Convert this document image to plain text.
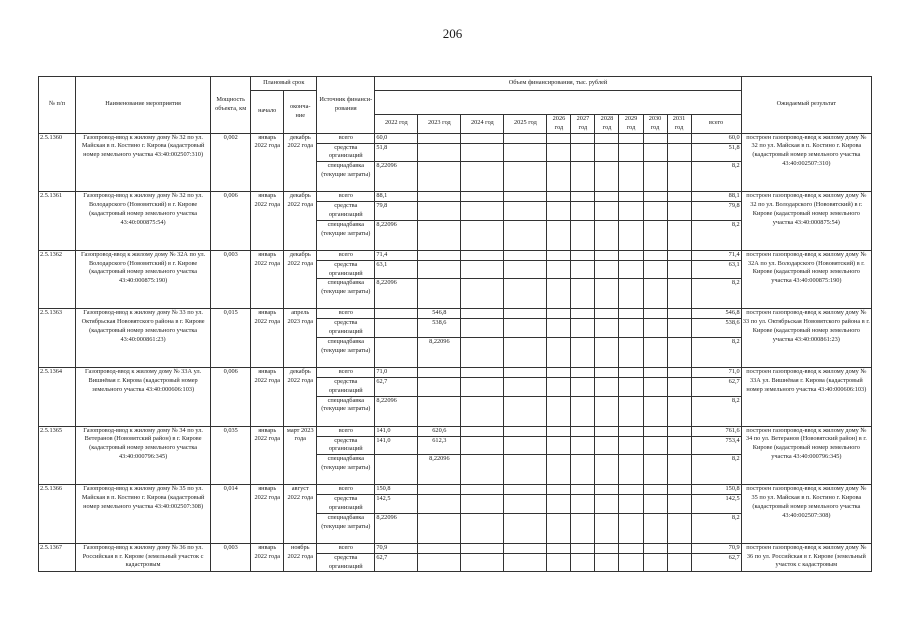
206
№ п/п	Наименование мероприятия	Мощность объекта, км	Плановый срок		Источник финанси- рования	Объем финансирования, тыс. рублей											Ожидаемый результат
			начало	оконча- ние													
						2022 год	2023 год	2024 год	2025 год	2026 год	2027 год	2028 год	2029 год	2030 год	2031 год	всего	
2.5.1360	Газопровод-ввод к жилому дому № 32 по ул. Майская в п. Костино г. Кирова (кадастровый номер земельного участка 43:40:002507:310)	0,002	январь 2022 года	декабрь 2022 года	всего	60,0										60,0	построен газопровод-ввод к жилому дому № 32 по ул. Майская в п. Костино г. Кирова (кадастровый номер земельного участка 43:40:002507:310)
					средства организаций	51,8										51,8	
					спецнадбавка (текущие затраты)	8,22096										8,2	
2.5.1361	Газопровод-ввод к жилому дому № 32 по ул. Володарского (Нововятский) в г. Кирове (кадастровый номер земельного участка 43:40:000875:54)	0,006	январь 2022 года	декабрь 2022 года	всего	88,1										88,1	построен газопровод-ввод к жилому дому № 32 по ул. Володарского (Нововятский) в г. Кирове (кадастровый номер земельного участка 43:40:000875:54)
					средства организаций	79,8										79,8	
					спецнадбавка (текущие затраты)	8,22096										8,2	
2.5.1362	Газопровод-ввод к жилому дому № 32А по ул. Володарского (Нововятский) в г. Кирове (кадастровый номер земельного участка 43:40:000875:190)	0,003	январь 2022 года	декабрь 2022 года	всего	71,4										71,4	построен газопровод-ввод к жилому дому № 32А по ул. Володарского (Нововятский) в г. Кирове (кадастровый номер земельного участка 43:40:000875:190)
					средства организаций	63,1										63,1	
					спецнадбавка (текущие затраты)	8,22096										8,2	
2.5.1363	Газопровод-ввод к жилому дому № 33 по ул. Октябрьская Нововятского района в г. Кирове (кадастровый номер земельного участка 43:40:000861:23)	0,015	январь 2022 года	апрель 2023 года	всего		546,8									546,8	построен газопровод-ввод к жилому дому № 33 по ул. Октябрьская Нововятского района в г. Кирове (кадастровый номер земельного участка 43:40:000861:23)
					средства организаций		538,6									538,6	
					спецнадбавка (текущие затраты)		8,22096									8,2	
2.5.1364	Газопровод-ввод к жилому дому № 33А ул. Вишнёвая г. Кирова (кадастровый номер земельного участка 43:40:000606:103)	0,006	январь 2022 года	декабрь 2022 года	всего	71,0										71,0	построен газопровод-ввод к жилому дому № 33А ул. Вишнёвая г. Кирова (кадастровый номер земельного участка 43:40:000606:103)
					средства организаций	62,7										62,7	
					спецнадбавка (текущие затраты)	8,22096										8,2	
2.5.1365	Газопровод-ввод к жилому дому № 34 по ул. Ветеранов (Нововятский район) в г. Кирове (кадастровый номер земельного участка 43:40:000796:345)	0,035	январь 2022 года	март 2023 года	всего	141,0	620,6									761,6	построен газопровод-ввод к жилому дому № 34 по ул. Ветеранов (Нововятский район) в г. Кирове (кадастровый номер земельного участка 43:40:000796:345)
					средства организаций	141,0	612,3									753,4	
					спецнадбавка (текущие затраты)		8,22096									8,2	
2.5.1366	Газопровод-ввод к жилому дому № 35 по ул. Майская в п. Костино г. Кирова (кадастровый номер земельного участка 43:40:002507:308)	0,014	январь 2022 года	август 2022 года	всего	150,8										150,8	построен газопровод-ввод к жилому дому № 35 по ул. Майская в п. Костино г. Кирова (кадастровый номер земельного участка 43:40:002507:308)
					средства организаций	142,5										142,5	
					спецнадбавка (текущие затраты)	8,22096										8,2	
2.5.1367	Газопровод-ввод к жилому дому № 36 по ул. Российская в г. Кирове (земельный участок с кадастровым	0,003	январь 2022 года	ноябрь 2022 года	всего	70,9										70,9	построен газопровод-ввод к жилому дому № 36 по ул. Российская в г. Кирове (земельный участок с кадастровым
					средства организаций	62,7										62,7	
